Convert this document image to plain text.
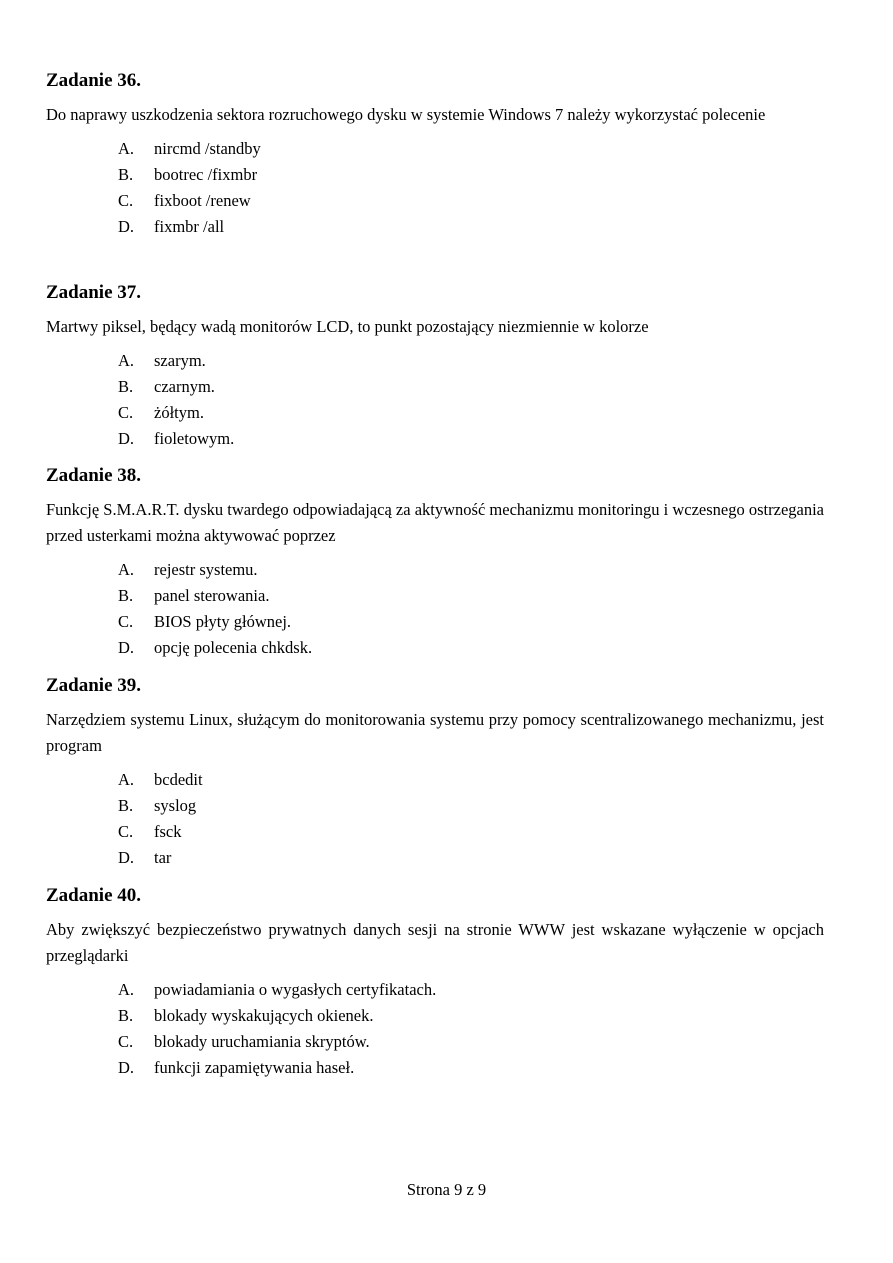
Zadanie 36.

Do naprawy uszkodzenia sektora rozruchowego dysku w systemie Windows 7 należy wykorzystać polecenie

A. nircmd /standby
B. bootrec /fixmbr
C. fixboot /renew
D. fixmbr /all
Zadanie 37.

Martwy piksel, będący wadą monitorów LCD, to punkt pozostający niezmiennie w kolorze

A. szarym.
B. czarnym.
C. żółtym.
D. fioletowym.
Zadanie 38.

Funkcję S.M.A.R.T. dysku twardego odpowiadającą za aktywność mechanizmu monitoringu i wczesnego ostrzegania przed usterkami można aktywować poprzez

A. rejestr systemu.
B. panel sterowania.
C. BIOS płyty głównej.
D. opcję polecenia chkdsk.
Zadanie 39.

Narzędziem systemu Linux, służącym do monitorowania systemu przy pomocy scentralizowanego mechanizmu, jest program

A. bcdedit
B. syslog
C. fsck
D. tar
Zadanie 40.

Aby zwiększyć bezpieczeństwo prywatnych danych sesji na stronie WWW jest wskazane wyłączenie w opcjach przeglądarki

A. powiadamiania o wygasłych certyfikatach.
B. blokady wyskakujących okienek.
C. blokady uruchamiania skryptów.
D. funkcji zapamiętywania haseł.
Strona 9 z 9
